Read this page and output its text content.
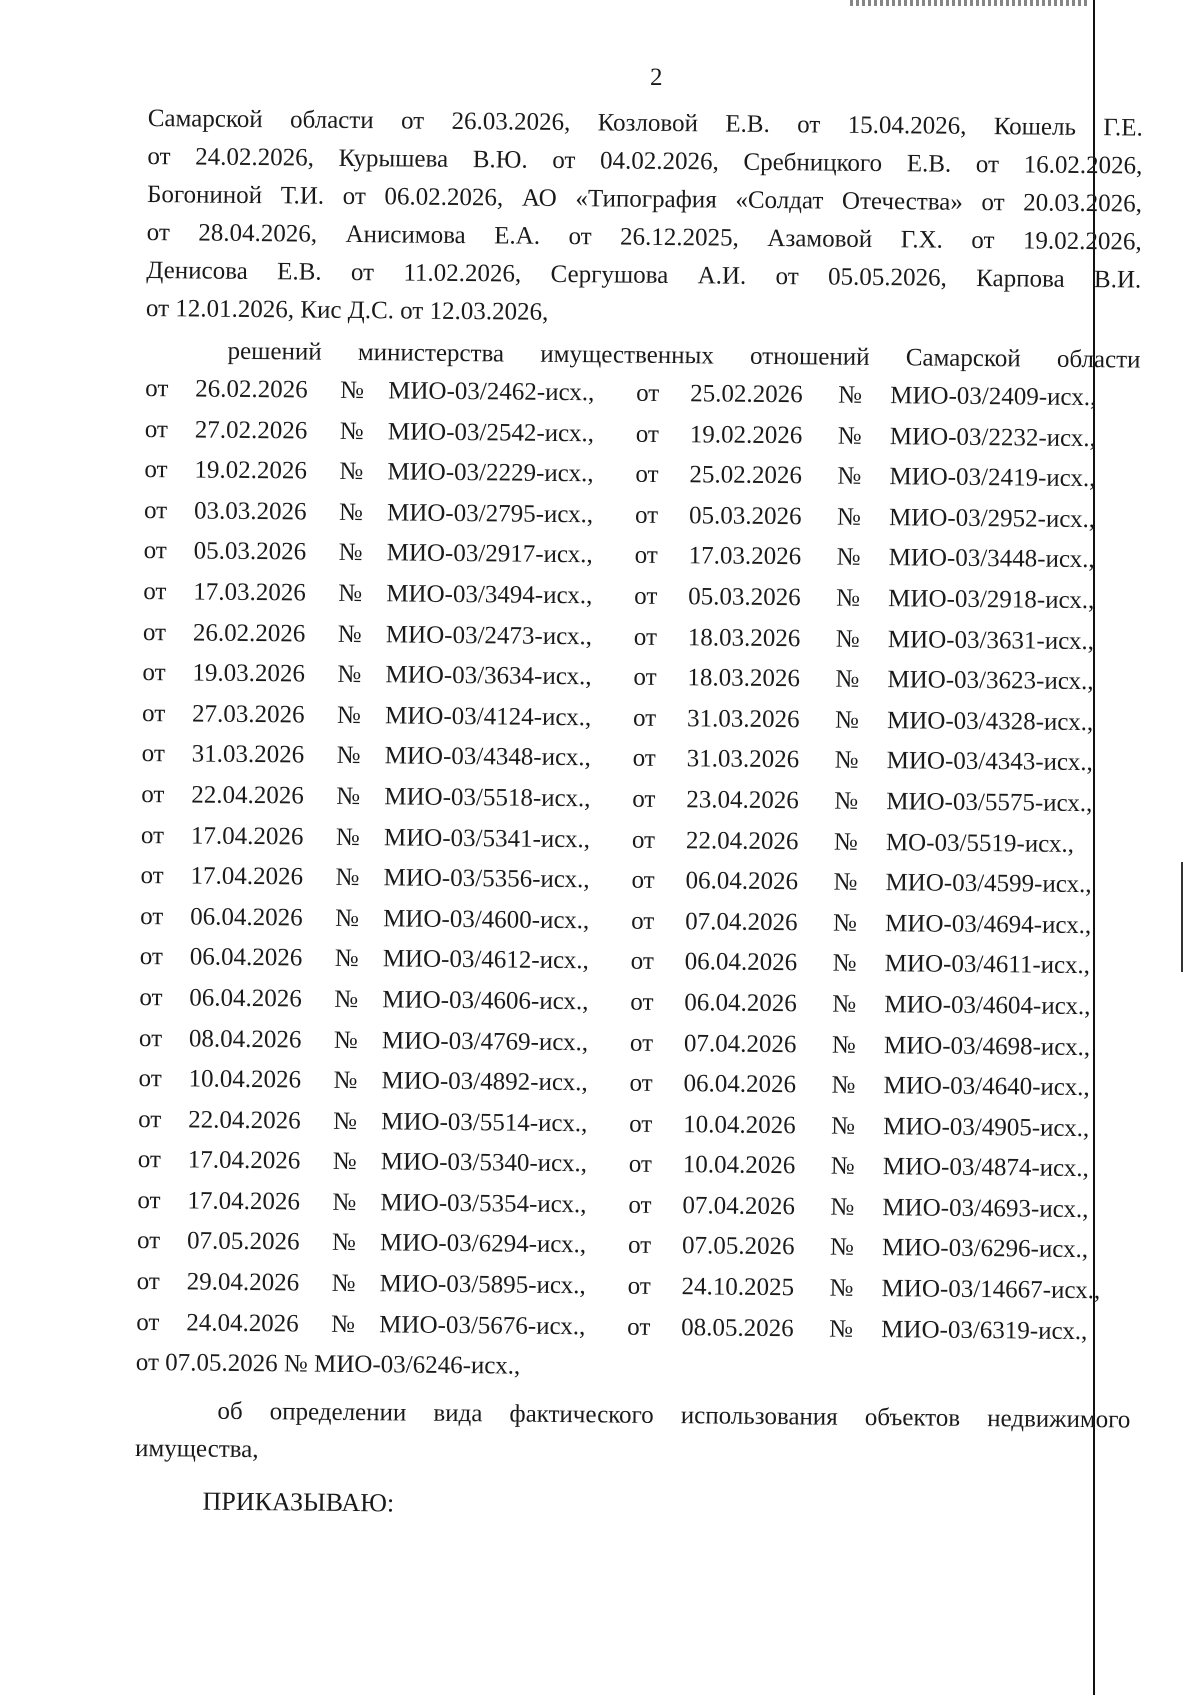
2
Самарской области от 26.03.2026, Козловой Е.В. от 15.04.2026, Кошель Г.Е.
от 24.02.2026, Курышева В.Ю. от 04.02.2026, Сребницкого Е.В. от 16.02.2026,
Богониной Т.И. от 06.02.2026, АО «Типография «Солдат Отечества» от 20.03.2026,
от 28.04.2026, Анисимова Е.А. от 26.12.2025, Азамовой Г.Х. от 19.02.2026,
Денисова Е.В. от 11.02.2026, Сергушова А.И. от 05.05.2026, Карпова В.И.
от 12.01.2026, Кис Д.С. от 12.03.2026,
решений министерства имущественных отношений Самарской области
от	26.02.2026	№ МИО-03/2462-исх.,	от	25.02.2026	№	МИО-03/2409-исх.,
от	27.02.2026	№ МИО-03/2542-исх.,	от	19.02.2026	№	МИО-03/2232-исх.,
от	19.02.2026	№ МИО-03/2229-исх.,	от	25.02.2026	№	МИО-03/2419-исх.,
от	03.03.2026	№ МИО-03/2795-исх.,	от	05.03.2026	№	МИО-03/2952-исх.,
от	05.03.2026	№ МИО-03/2917-исх.,	от	17.03.2026	№	МИО-03/3448-исх.,
от	17.03.2026	№ МИО-03/3494-исх.,	от	05.03.2026	№	МИО-03/2918-исх.,
от	26.02.2026	№ МИО-03/2473-исх.,	от	18.03.2026	№	МИО-03/3631-исх.,
от	19.03.2026	№ МИО-03/3634-исх.,	от	18.03.2026	№	МИО-03/3623-исх.,
от	27.03.2026	№ МИО-03/4124-исх.,	от	31.03.2026	№	МИО-03/4328-исх.,
от	31.03.2026	№ МИО-03/4348-исх.,	от	31.03.2026	№	МИО-03/4343-исх.,
от	22.04.2026	№ МИО-03/5518-исх.,	от	23.04.2026	№	МИО-03/5575-исх.,
от	17.04.2026	№ МИО-03/5341-исх.,	от	22.04.2026	№	МО-03/5519-исх.,
от	17.04.2026	№ МИО-03/5356-исх.,	от	06.04.2026	№	МИО-03/4599-исх.,
от	06.04.2026	№ МИО-03/4600-исх.,	от	07.04.2026	№	МИО-03/4694-исх.,
от	06.04.2026	№ МИО-03/4612-исх.,	от	06.04.2026	№	МИО-03/4611-исх.,
от	06.04.2026	№ МИО-03/4606-исх.,	от	06.04.2026	№	МИО-03/4604-исх.,
от	08.04.2026	№ МИО-03/4769-исх.,	от	07.04.2026	№	МИО-03/4698-исх.,
от	10.04.2026	№ МИО-03/4892-исх.,	от	06.04.2026	№	МИО-03/4640-исх.,
от	22.04.2026	№ МИО-03/5514-исх.,	от	10.04.2026	№	МИО-03/4905-исх.,
от	17.04.2026	№ МИО-03/5340-исх.,	от	10.04.2026	№	МИО-03/4874-исх.,
от	17.04.2026	№ МИО-03/5354-исх.,	от	07.04.2026	№	МИО-03/4693-исх.,
от	07.05.2026	№ МИО-03/6294-исх.,	от	07.05.2026	№	МИО-03/6296-исх.,
от	29.04.2026	№ МИО-03/5895-исх.,	от	24.10.2025	№	МИО-03/14667-исх.,
от	24.04.2026	№ МИО-03/5676-исх.,	от	08.05.2026	№	МИО-03/6319-исх.,
от 07.05.2026 № МИО-03/6246-исх.,
об определении вида фактического использования объектов недвижимого
имущества,
ПРИКАЗЫВАЮ:
